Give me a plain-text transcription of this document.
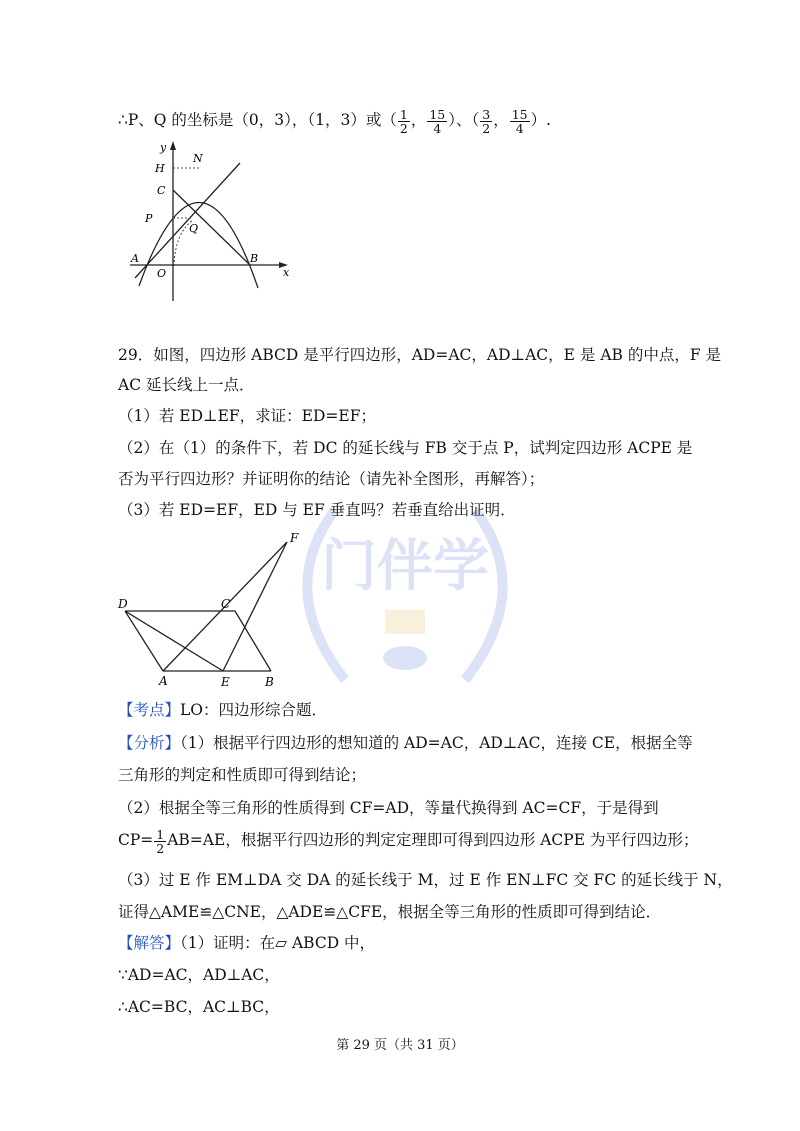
∴P、Q 的坐标是（0，3），（1，3）或（ $\frac{1}{2}$ ， $\frac{15}{4}$ ）、（ $\frac{3}{2}$ ， $\frac{15}{4}$ ）.
y
x
H
N
C
P
Q
A
O
B
29．如图，四边形 ABCD 是平行四边形，AD=AC，AD⊥AC，E 是 AB 的中点，F 是
AC 延长线上一点．
（1）若 ED⊥EF，求证：ED=EF；
（2）在（1）的条件下，若 DC 的延长线与 FB 交于点 P，试判定四边形 ACPE 是
否为平行四边形？并证明你的结论（请先补全图形，再解答）；
（3）若 ED=EF，ED 与 EF 垂直吗？若垂直给出证明．
门伴学
F
D	C
A	E	B
【考点】LO：四边形综合题．
【分析】（1）根据平行四边形的想知道的 AD=AC，AD⊥AC，连接 CE，根据全等
三角形的判定和性质即可得到结论；
（2）根据全等三角形的性质得到 CF=AD，等量代换得到 AC=CF，于是得到
$CP= \frac{1}{2} AB=AE$，根据平行四边形的判定定理即可得到四边形 ACPE 为平行四边形；
（3）过 E 作 EM⊥DA 交 DA 的延长线于 M，过 E 作 EN⊥FC 交 FC 的延长线于 N，
证得△AME≌△CNE，△ADE≌△CFE，根据全等三角形的性质即可得到结论．
【解答】（1）证明：在▱ ABCD 中，
∵AD=AC，AD⊥AC，
∴AC=BC，AC⊥BC，
第 29 页（共 31 页）
